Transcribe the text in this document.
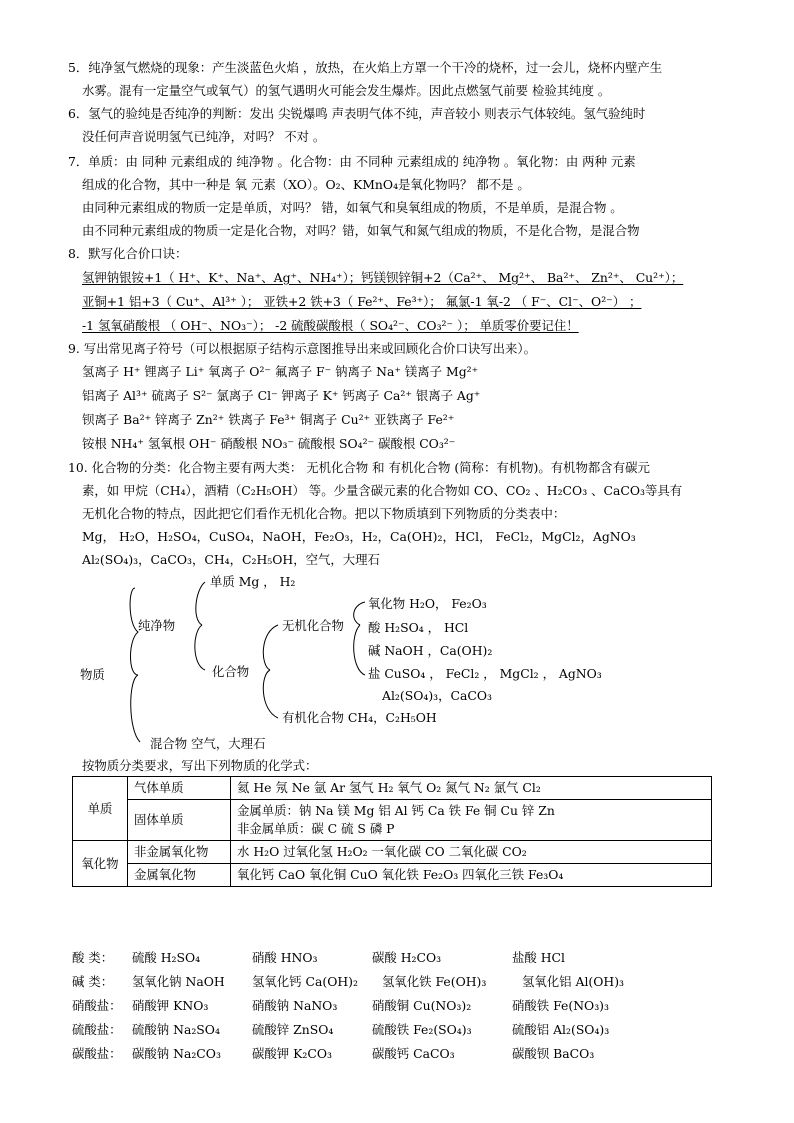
5．纯净氢气燃烧的现象：产生淡蓝色火焰 ，放热，在火焰上方罩一个干冷的烧杯，过一会儿，烧杯内壁产生
水雾。混有一定量空气或氧气）的氢气遇明火可能会发生爆炸。因此点燃氢气前要 检验其纯度 。
6．氢气的验纯是否纯净的判断：发出 尖锐爆鸣 声表明气体不纯，声音较小 则表示气体较纯。氢气验纯时
没任何声音说明氢气已纯净，对吗？ 不对 。
7．单质：由 同种 元素组成的 纯净物 。化合物：由 不同种 元素组成的 纯净物 。氧化物：由 两种 元素
组成的化合物，其中一种是 氧 元素（XO）。O₂、KMnO₄是氧化物吗？ 都不是 。
由同种元素组成的物质一定是单质，对吗？ 错，如氧气和臭氧组成的物质，不是单质，是混合物 。
由不同种元素组成的物质一定是化合物，对吗？错，如氧气和氮气组成的物质，不是化合物，是混合物
8．默写化合价口诀：
氢钾钠银铵+1（ H⁺、K⁺、Na⁺、Ag⁺、NH₄⁺）；钙镁钡锌铜+2（Ca²⁺、 Mg²⁺、 Ba²⁺、 Zn²⁺、 Cu²⁺）；
亚铜+1 铝+3（ Cu⁺、Al³⁺ ）； 亚铁+2 铁+3（ Fe²⁺、Fe³⁺）； 氟氯-1 氧-2 （ F⁻、Cl⁻、O²⁻） ；
-1 氢氧硝酸根 （ OH⁻、NO₃⁻）； -2 硫酸碳酸根（ SO₄²⁻、CO₃²⁻ ）； 单质零价要记住！
9. 写出常见离子符号（可以根据原子结构示意图推导出来或回顾化合价口诀写出来）。
氢离子 H⁺ 锂离子 Li⁺ 氧离子 O²⁻ 氟离子 F⁻ 钠离子 Na⁺ 镁离子 Mg²⁺
铝离子 Al³⁺ 硫离子 S²⁻ 氯离子 Cl⁻ 钾离子 K⁺ 钙离子 Ca²⁺ 银离子 Ag⁺
钡离子 Ba²⁺ 锌离子 Zn²⁺ 铁离子 Fe³⁺ 铜离子 Cu²⁺ 亚铁离子 Fe²⁺
铵根 NH₄⁺ 氢氧根 OH⁻ 硝酸根 NO₃⁻ 硫酸根 SO₄²⁻ 碳酸根 CO₃²⁻
10. 化合物的分类：化合物主要有两大类： 无机化合物 和 有机化合物 (简称：有机物)。有机物都含有碳元
素，如 甲烷（CH₄），酒精（C₂H₅OH） 等。少量含碳元素的化合物如 CO、CO₂ 、H₂CO₃ 、CaCO₃等具有
无机化合物的特点，因此把它们看作无机化合物。把以下物质填到下列物质的分类表中：
Mg， H₂O，H₂SO₄，CuSO₄，NaOH，Fe₂O₃，H₂，Ca(OH)₂，HCl， FeCl₂，MgCl₂，AgNO₃
Al₂(SO₄)₃，CaCO₃，CH₄，C₂H₅OH，空气，大理石
物质
纯净物
混合物 空气，大理石
单质 Mg ， H₂
化合物
无机化合物
有机化合物 CH₄，C₂H₅OH
氧化物 H₂O， Fe₂O₃
酸 H₂SO₄ ， HCl
碱 NaOH ，Ca(OH)₂
盐 CuSO₄ ， FeCl₂ ， MgCl₂ ， AgNO₃
Al₂(SO₄)₃，CaCO₃
按物质分类要求，写出下列物质的化学式：
单质	气体单质	氦 He 氖 Ne 氩 Ar 氢气 H₂ 氧气 O₂ 氮气 N₂ 氯气 Cl₂
	固体单质	金属单质：钠 Na 镁 Mg 铝 Al 钙 Ca 铁 Fe 铜 Cu 锌 Zn
非金属单质：碳 C 硫 S 磷 P

氧化物	非金属氧化物	水 H₂O 过氧化氢 H₂O₂ 一氧化碳 CO 二氧化碳 CO₂
	金属氧化物	氧化钙 CaO 氧化铜 CuO 氧化铁 Fe₂O₃ 四氧化三铁 Fe₃O₄
酸 类： 硫酸 H₂SO₄	硝酸 HNO₃	碳酸 H₂CO₃	盐酸 HCl
碱 类： 氢氧化钠 NaOH 氢氧化钙 Ca(OH)₂ 氢氧化铁 Fe(OH)₃	氢氧化铝 Al(OH)₃
硝酸盐： 硝酸钾 KNO₃	硝酸钠 NaNO₃	硝酸铜 Cu(NO₃)₂	硝酸铁 Fe(NO₃)₃
硫酸盐： 硫酸钠 Na₂SO₄	硫酸锌 ZnSO₄	硫酸铁 Fe₂(SO₄)₃	硫酸铝 Al₂(SO₄)₃
碳酸盐： 碳酸钠 Na₂CO₃	碳酸钾 K₂CO₃	碳酸钙 CaCO₃	碳酸钡 BaCO₃
